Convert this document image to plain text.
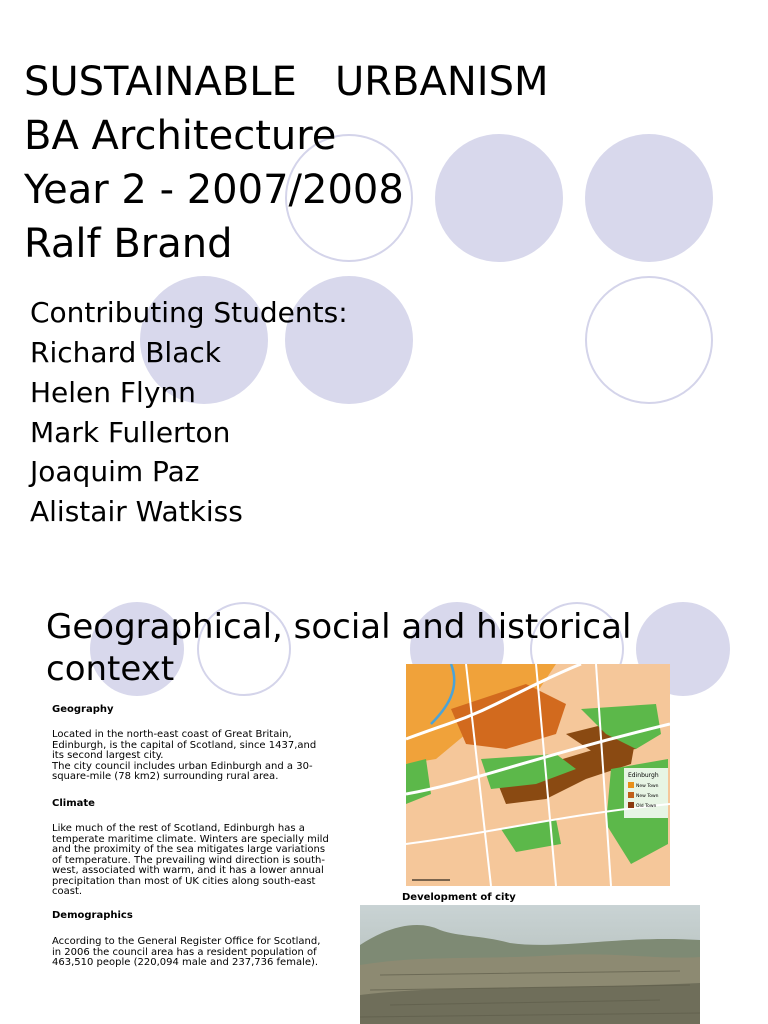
SUSTAINABLE   URBANISM
BA Architecture
Year 2 - 2007/2008
Ralf Brand
Contributing Students:
Richard Black
Helen Flynn
Mark Fullerton
Joaquim Paz
Alistair Watkiss
Geographical, social and historical
context
Geography
Located in the north-east coast of Great Britain,
Edinburgh, is the capital of Scotland, since 1437,and
its second largest city.
The city council includes urban Edinburgh and a 30-
square-mile (78 km2) surrounding rural area.
Climate
Like much of the rest of Scotland, Edinburgh has a
temperate maritime climate. Winters are specially mild
and the proximity of the sea mitigates large variations
of temperature. The prevailing wind direction is south-
west, associated with warm, and it has a lower annual
precipitation than most of UK cities along south-east
coast.
Demographics
According to the General Register Office for Scotland,
in 2006 the council area has a resident population of
463,510 people (220,094 male and 237,736 female).
Edinburgh
New Town
New Town
Old Town
Development of city
